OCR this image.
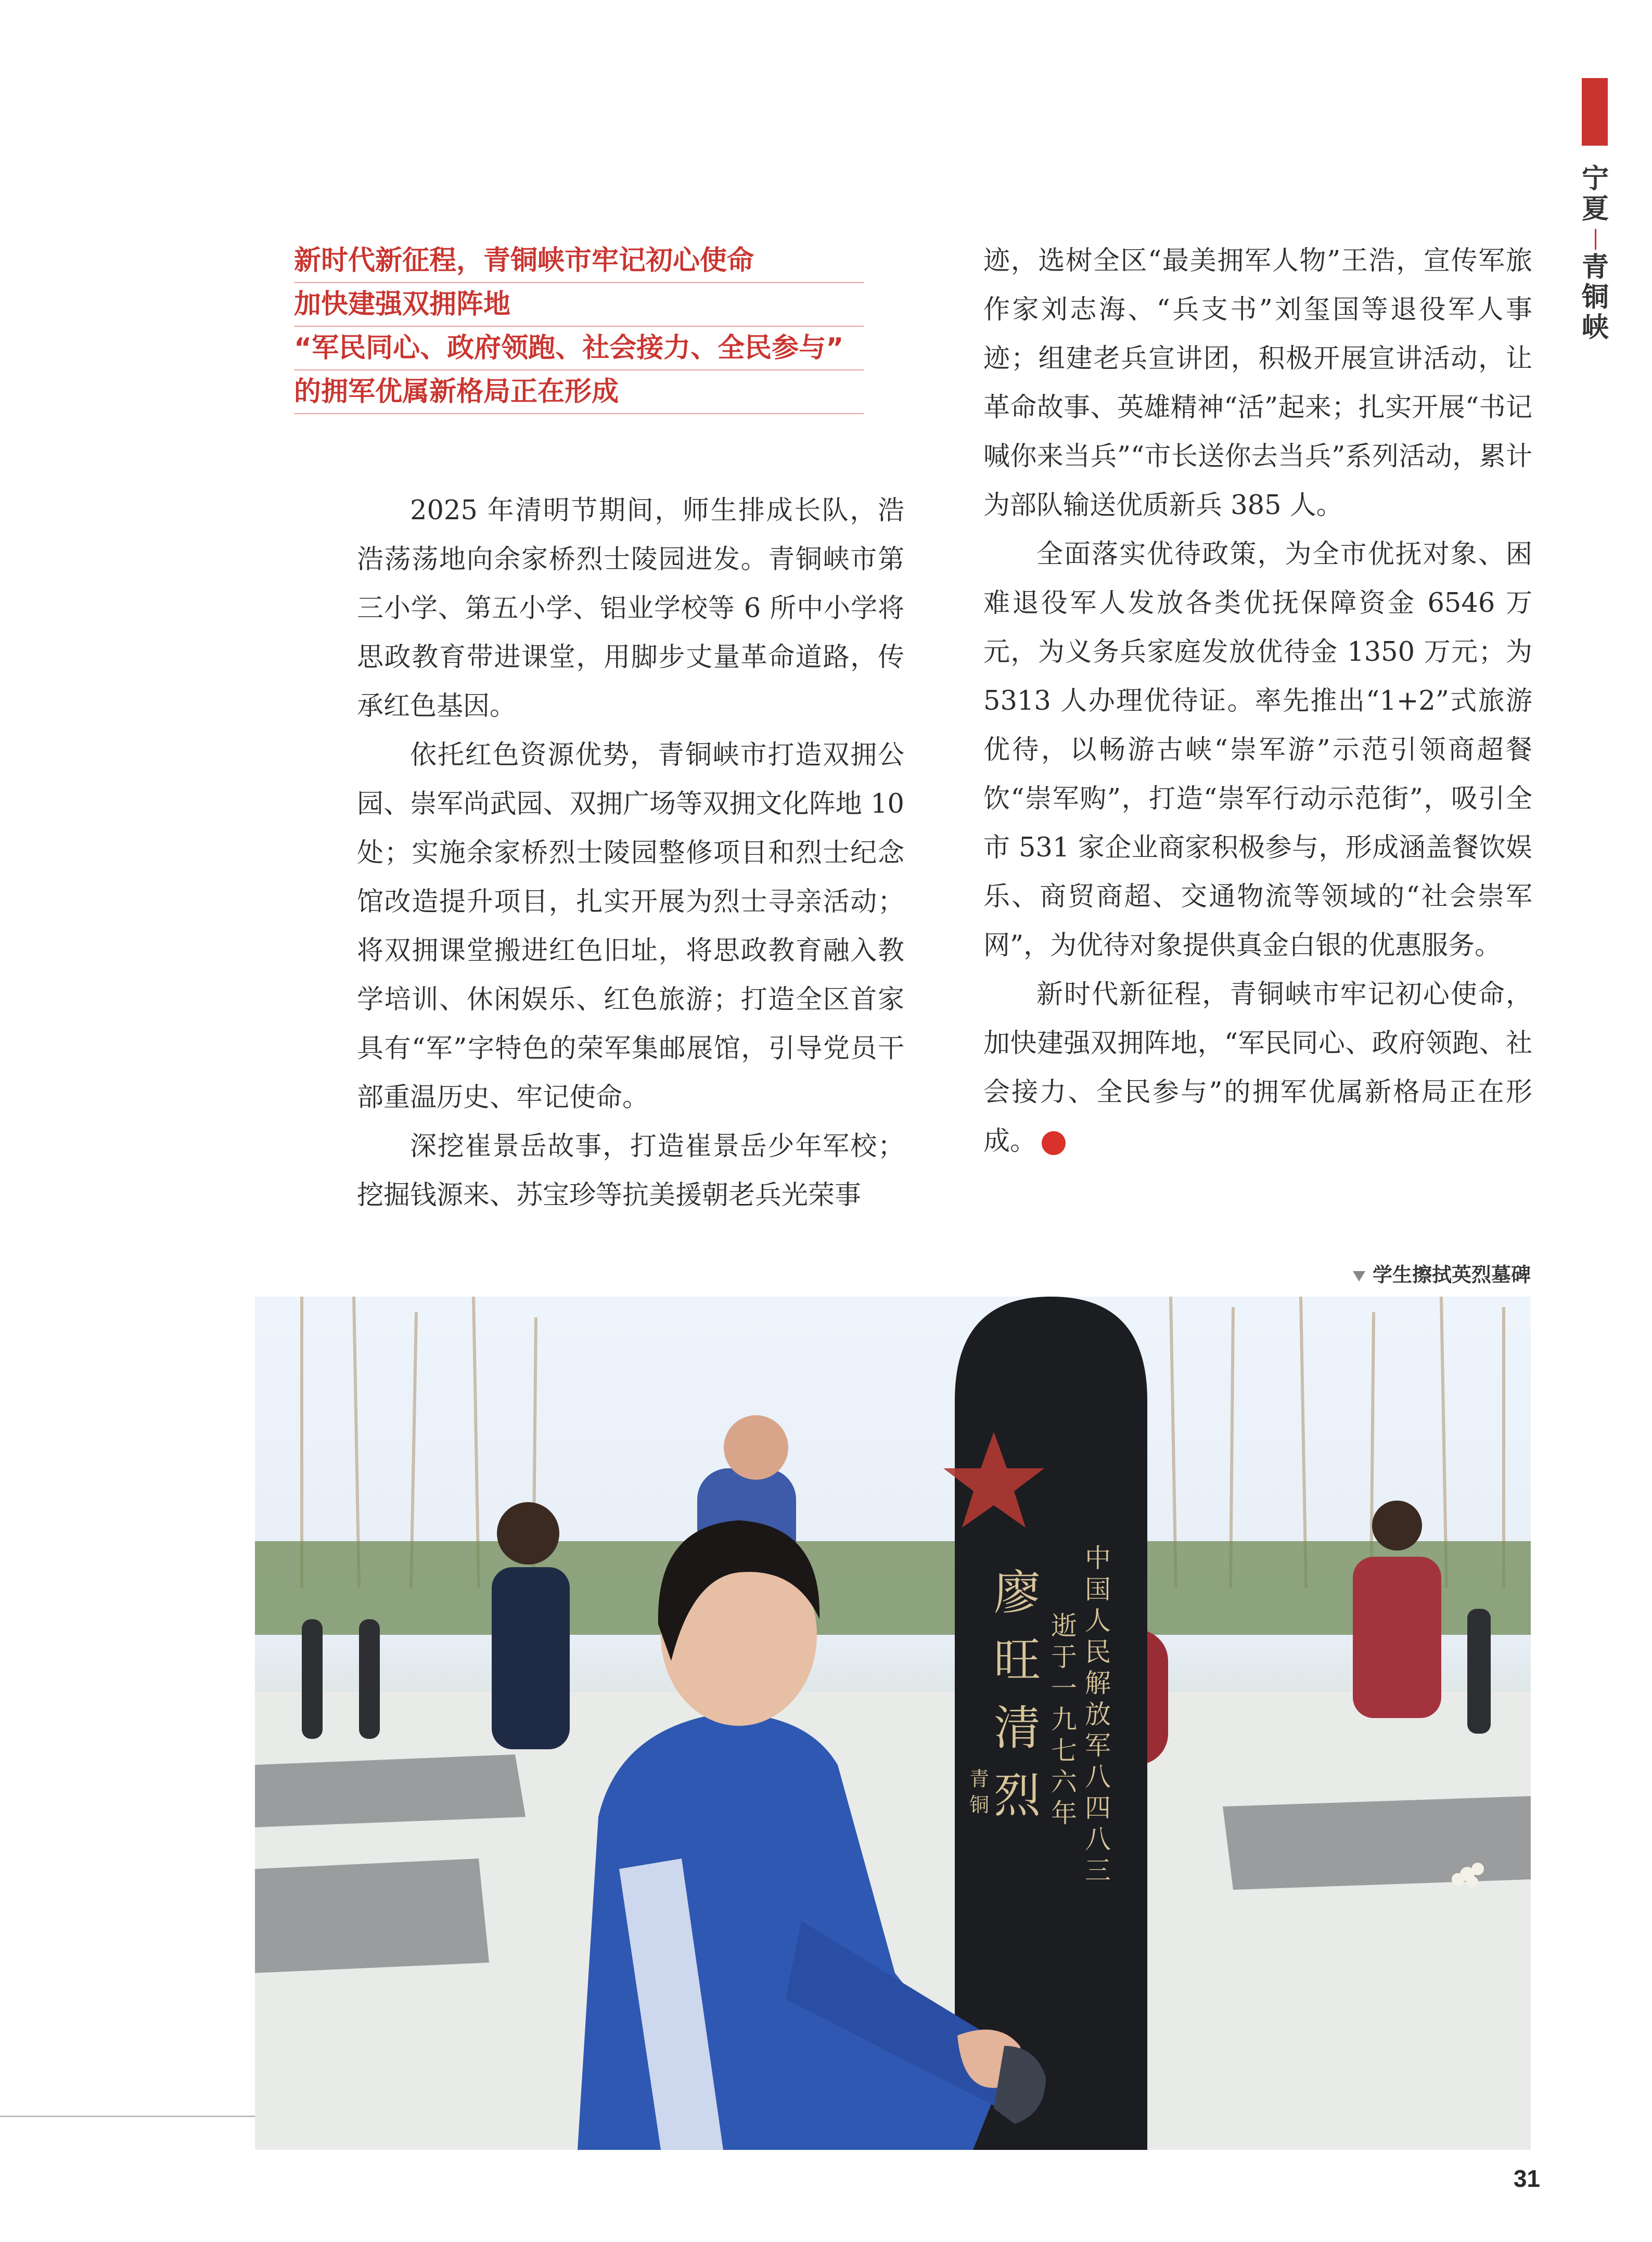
宁
夏
青
铜
峡
新时代新征程，青铜峡市牢记初心使命
加快建强双拥阵地
“军民同心、政府领跑、社会接力、全民参与”
的拥军优属新格局正在形成

2025 年清明节期间，师生排成长队，浩浩荡荡地向余家桥烈士陵园进发。青铜峡市第三小学、第五小学、铝业学校等 6 所中小学将思政教育带进课堂，用脚步丈量革命道路，传承红色基因。

依托红色资源优势，青铜峡市打造双拥公园、崇军尚武园、双拥广场等双拥文化阵地 10 处；实施余家桥烈士陵园整修项目和烈士纪念馆改造提升项目，扎实开展为烈士寻亲活动；将双拥课堂搬进红色旧址，将思政教育融入教学培训、休闲娱乐、红色旅游；打造全区首家具有“军”字特色的荣军集邮展馆，引导党员干部重温历史、牢记使命。

深挖崔景岳故事，打造崔景岳少年军校；挖掘钱源来、苏宝珍等抗美援朝老兵光荣事

迹，选树全区“最美拥军人物”王浩，宣传军旅作家刘志海、“兵支书”刘玺国等退役军人事迹；组建老兵宣讲团，积极开展宣讲活动，让革命故事、英雄精神“活”起来；扎实开展“书记喊你来当兵”“市长送你去当兵”系列活动，累计为部队输送优质新兵 385 人。

全面落实优待政策，为全市优抚对象、困难退役军人发放各类优抚保障资金 6546 万元，为义务兵家庭发放优待金 1350 万元；为 5313 人办理优待证。率先推出“1+2”式旅游优待，以畅游古峡“崇军游”示范引领商超餐饮“崇军购”，打造“崇军行动示范街”，吸引全市 531 家企业商家积极参与，形成涵盖餐饮娱乐、商贸商超、交通物流等领域的“社会崇军网”，为优待对象提供真金白银的优惠服务。

新时代新征程，青铜峡市牢记初心使命，加快建强双拥阵地，“军民同心、政府领跑、社会接力、全民参与”的拥军优属新格局正在形成。	N

学生擦拭英烈墓碑
廖
旺
清
烈
中
国
人
民
解
放
军
八
四
八
三
逝
于
一
九
七
六
年
青
铜
31
